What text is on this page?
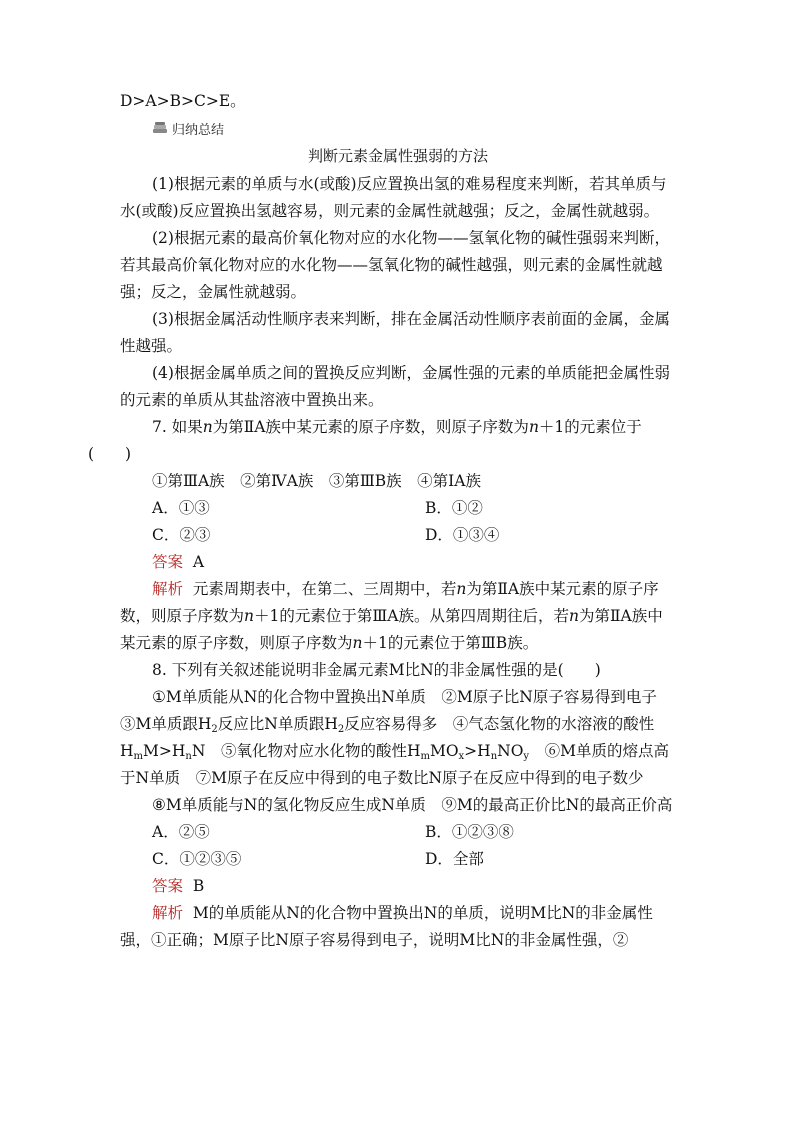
D>A>B>C>E。
归纳总结
判断元素金属性强弱的方法
(1)根据元素的单质与水(或酸)反应置换出氢的难易程度来判断，若其单质与水(或酸)反应置换出氢越容易，则元素的金属性就越强；反之，金属性就越弱。
(2)根据元素的最高价氧化物对应的水化物——氢氧化物的碱性强弱来判断，若其最高价氧化物对应的水化物——氢氧化物的碱性越强，则元素的金属性就越强；反之，金属性就越弱。
(3)根据金属活动性顺序表来判断，排在金属活动性顺序表前面的金属，金属性越强。
(4)根据金属单质之间的置换反应判断，金属性强的元素的单质能把金属性弱的元素的单质从其盐溶液中置换出来。
7. 如果n为第ⅡA族中某元素的原子序数，则原子序数为n＋1的元素位于
(　　)
①第ⅢA族　②第ⅣA族　③第ⅢB族　④第ⅠA族
A．①③	B．①②
C．②③	D．①③④
答案 A
解析 元素周期表中，在第二、三周期中，若n为第ⅡA族中某元素的原子序数，则原子序数为n＋1的元素位于第ⅢA族。从第四周期往后，若n为第ⅡA族中某元素的原子序数，则原子序数为n＋1的元素位于第ⅢB族。
8. 下列有关叙述能说明非金属元素M比N的非金属性强的是(　　)
①M单质能从N的化合物中置换出N单质　 ②M原子比N原子容易得到电子　③M单质跟$H_2$反应比N单质跟$H_2$反应容易得多　 ④气态氢化物的水溶液的酸性$H_mM>H_nN$　 ⑤氧化物对应水化物的酸性$H_mMO_x>H_nNO_y$　 ⑥M单质的熔点高于N单质　 ⑦M原子在反应中得到的电子数比N原子在反应中得到的电子数少
⑧M单质能与N的氢化物反应生成N单质　 ⑨M的最高正价比N的最高正价高
A．②⑤	B．①②③⑧
C．①②③⑤	D．全部
答案 B
解析 M的单质能从N的化合物中置换出N的单质，说明M比N的非金属性强，①正确；M原子比N原子容易得到电子，说明M比N的非金属性强，②
